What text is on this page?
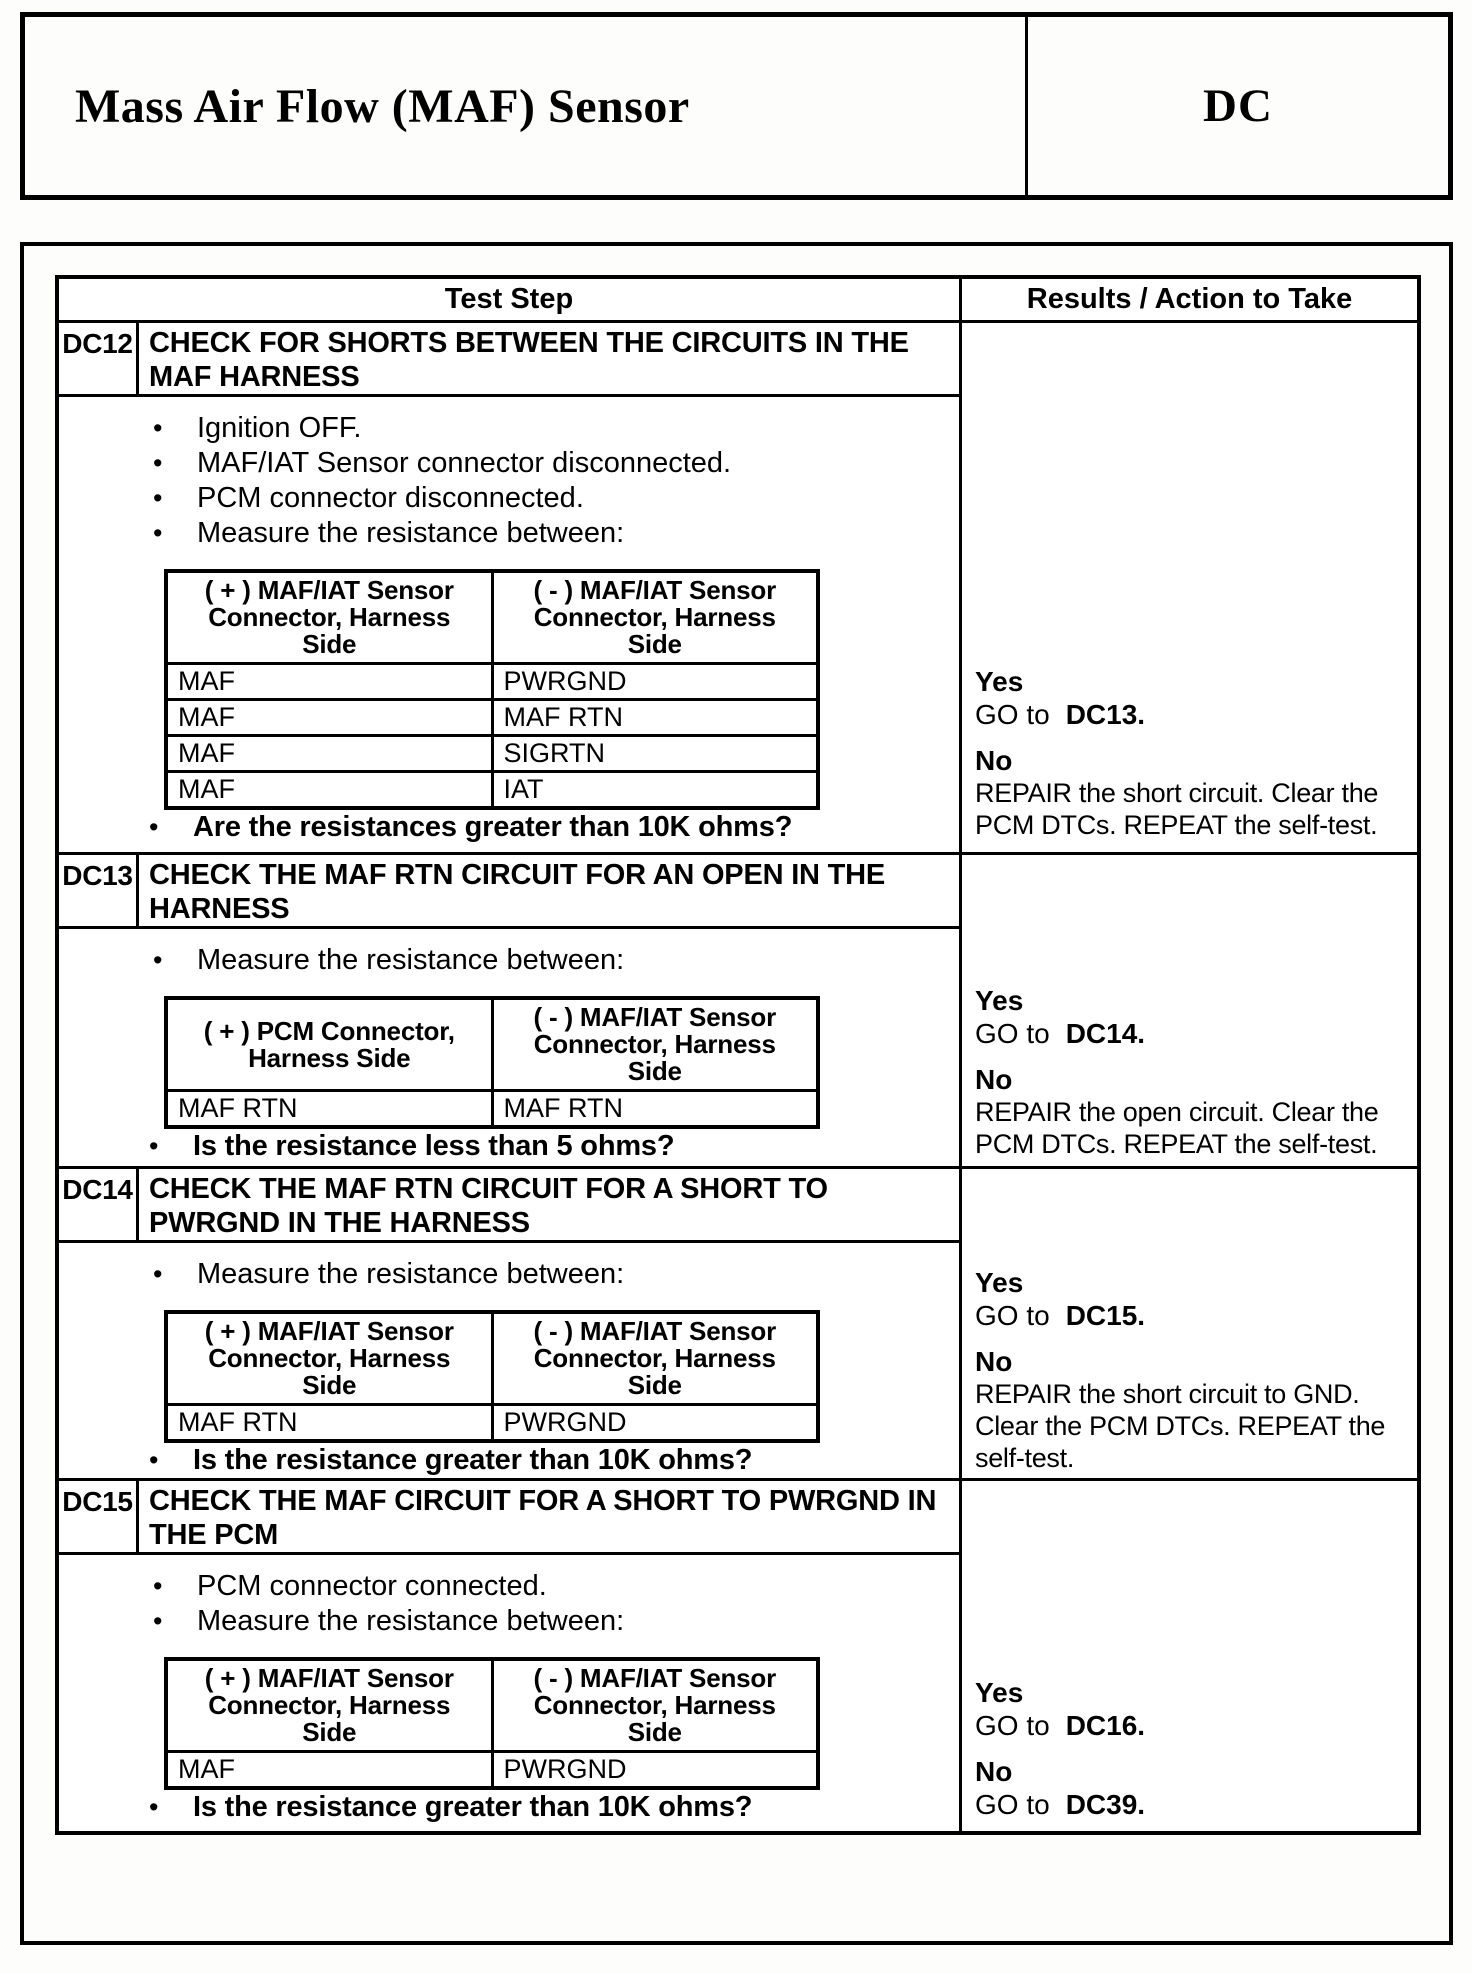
Mass Air Flow (MAF) Sensor	DC
Test Step	Results / Action to Take
DC12 CHECK FOR SHORTS BETWEEN THE CIRCUITS IN THE MAF HARNESS
•	Ignition OFF.
•	MAF/IAT Sensor connector disconnected.
•	PCM connector disconnected.
•	Measure the resistance between:
( + ) MAF/IAT Sensor
Connector, Harness
Side

( - ) MAF/IAT Sensor
Connector, Harness
Side

MAF	PWRGND
MAF	MAF RTN
MAF	SIGRTN
MAF	IAT
•	Are the resistances greater than 10K ohms?
Yes
GO to DC13.
No
REPAIR the short circuit. Clear the
PCM DTCs. REPEAT the self-test.
DC13 CHECK THE MAF RTN CIRCUIT FOR AN OPEN IN THE HARNESS
•	Measure the resistance between:
( + ) PCM Connector,
Harness Side

( - ) MAF/IAT Sensor
Connector, Harness
Side

MAF RTN	MAF RTN
•	Is the resistance less than 5 ohms?
Yes
GO to DC14.
No
REPAIR the open circuit. Clear the
PCM DTCs. REPEAT the self-test.
DC14 CHECK THE MAF RTN CIRCUIT FOR A SHORT TO PWRGND IN THE HARNESS
•	Measure the resistance between:
( + ) MAF/IAT Sensor
Connector, Harness
Side

( - ) MAF/IAT Sensor
Connector, Harness
Side

MAF RTN	PWRGND
•	Is the resistance greater than 10K ohms?
Yes
GO to DC15.
No
REPAIR the short circuit to GND.
Clear the PCM DTCs. REPEAT the
self-test.
DC15 CHECK THE MAF CIRCUIT FOR A SHORT TO PWRGND IN THE PCM
•	PCM connector connected.
•	Measure the resistance between:
( + ) MAF/IAT Sensor
Connector, Harness
Side

( - ) MAF/IAT Sensor
Connector, Harness
Side

MAF	PWRGND
•	Is the resistance greater than 10K ohms?
Yes
GO to DC16.
No
GO to DC39.
